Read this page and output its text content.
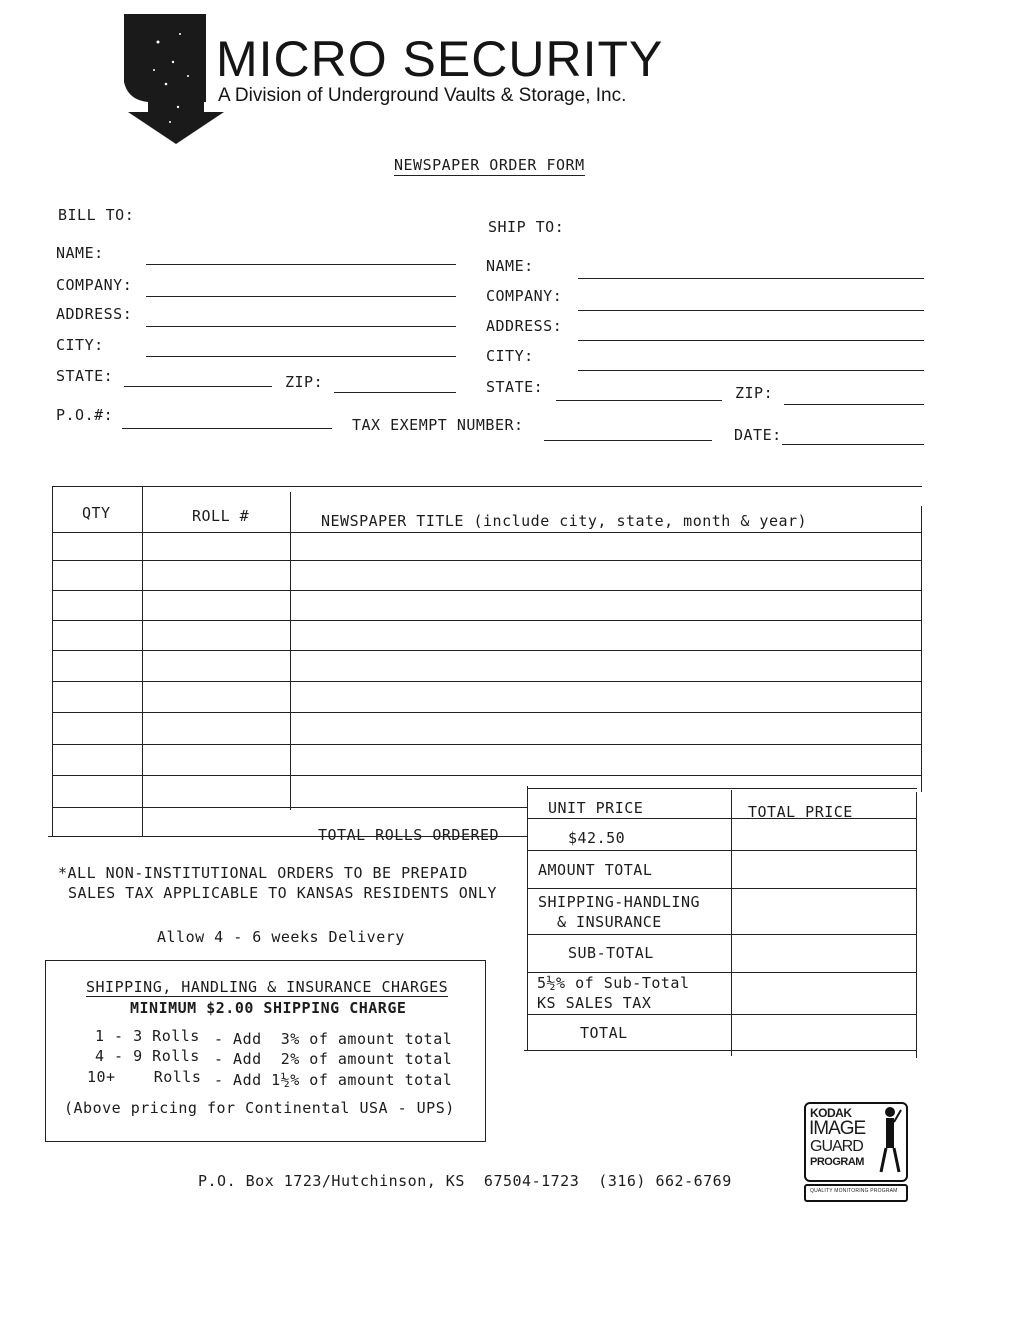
MICRO SECURITY
A Division of Underground Vaults & Storage, Inc.
NEWSPAPER ORDER FORM
BILL TO:
NAME:
COMPANY:
ADDRESS:
CITY:
STATE:	ZIP:
P.O.#:
SHIP TO:
NAME:
COMPANY:
ADDRESS:
CITY:
STATE:	ZIP:
TAX EXEMPT NUMBER:
DATE:
QTY	ROLL #	NEWSPAPER TITLE (include city, state, month & year)
TOTAL ROLLS ORDERED
UNIT PRICE	TOTAL PRICE
$42.50
AMOUNT TOTAL
SHIPPING-HANDLING
& INSURANCE
SUB-TOTAL
5½% of Sub-Total
KS SALES TAX
TOTAL
*ALL NON-INSTITUTIONAL ORDERS TO BE PREPAID
SALES TAX APPLICABLE TO KANSAS RESIDENTS ONLY
Allow 4 - 6 weeks Delivery
SHIPPING, HANDLING & INSURANCE CHARGES
MINIMUM $2.00 SHIPPING CHARGE
1 - 3 Rolls - Add  3% of amount total
4 - 9 Rolls - Add  2% of amount total
10+    Rolls - Add 1½% of amount total
(Above pricing for Continental USA - UPS)
P.O. Box 1723/Hutchinson, KS  67504-1723  (316) 662-6769
KODAK
IMAGE
GUARD
PROGRAM
QUALITY MONITORING PROGRAM
